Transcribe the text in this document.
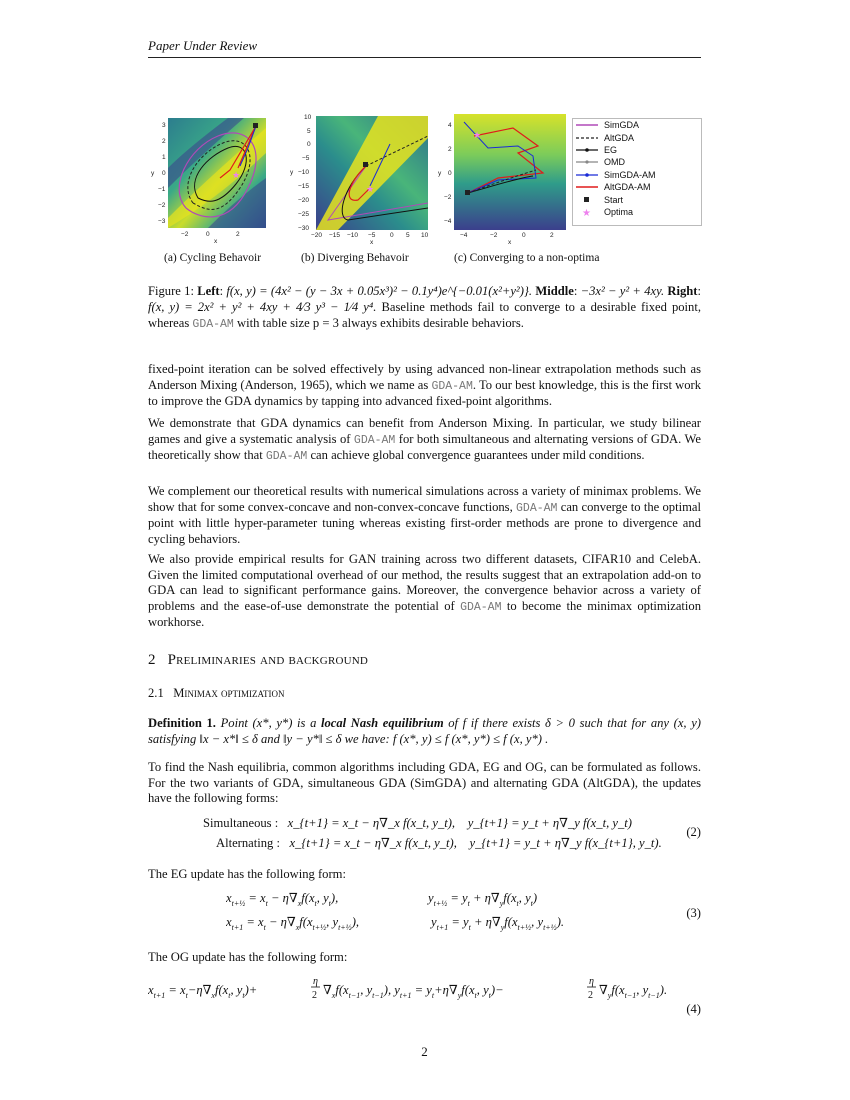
Paper Under Review
★
−2	0	2
3
2
1
0
−1
−2
−3
x
y
★
−20 −15 −10 −5 0 5 10
10
5
0
−5
−10
−15
−20
−25
−30
x
y
★
−4	−2	0	2
4
2
0
−2
−4
x
y
(a) Cycling Behavoir	(b) Diverging Behavoir	(c) Converging to a non-optima
Figure 1: Left: f(x, y) = (4x² − (y − 3x + 0.05x³)² − 0.1y⁴)e^{−0.01(x²+y²)}. Middle: −3x² − y² + 4xy. Right: f(x, y) = 2x² + y² + 4xy + 4⁄3 y³ − 1⁄4 y⁴. Baseline methods fail to converge to a desirable fixed point, whereas GDA-AM with table size p = 3 always exhibits desirable behaviors.

fixed-point iteration can be solved effectively by using advanced non-linear extrapolation methods such as Anderson Mixing (Anderson, 1965), which we name as GDA-AM. To our best knowledge, this is the first work to improve the GDA dynamics by tapping into advanced fixed-point algorithms.

We demonstrate that GDA dynamics can benefit from Anderson Mixing. In particular, we study bilinear games and give a systematic analysis of GDA-AM for both simultaneous and alternating versions of GDA. We theoretically show that GDA-AM can achieve global convergence guarantees under mild conditions.

We complement our theoretical results with numerical simulations across a variety of minimax problems. We show that for some convex-concave and non-convex-concave functions, GDA-AM can converge to the optimal point with little hyper-parameter tuning whereas existing first-order methods are prone to divergence and cycling behaviors.

We also provide empirical results for GAN training across two different datasets, CIFAR10 and CelebA. Given the limited computational overhead of our method, the results suggest that an extrapolation add-on to GDA can lead to significant performance gains. Moreover, the convergence behavior across a variety of problems and the ease-of-use demonstrate the potential of GDA-AM to become the minimax optimization workhorse.

2 Preliminaries and background
2.1 Minimax optimization

Definition 1. Point (x*, y*) is a local Nash equilibrium of f if there exists δ > 0 such that for any (x, y) satisfying ‖x − x*‖ ≤ δ and ‖y − y*‖ ≤ δ we have: f (x*, y) ≤ f (x*, y*) ≤ f (x, y*) .

To find the Nash equilibria, common algorithms including GDA, EG and OG, can be formulated as follows. For the two variants of GDA, simultaneous GDA (SimGDA) and alternating GDA (AltGDA), the updates have the following forms:

Simultaneous : x_{t+1} = x_t − η∇_x f(x_t, y_t), y_{t+1} = y_t + η∇_y f(x_t, y_t)
Alternating : x_{t+1} = x_t − η∇_x f(x_t, y_t), y_{t+1} = y_t + η∇_y f(x_{t+1}, y_t).
(2)

The EG update has the following form:

$x_{t+\frac{1}{2}} = x_t - \eta\nabla_xf(x_t$, $y_t$),	$y_{t+\frac{1}{2}} = y_t + \eta\nabla_yf(x_t$, $y_t$)
$x_{t+1} = x_t - \eta\nabla_xf(x_{t+\frac{1}{2}}$, $y_{t+\frac{1}{2}}$),	$y_{t+1} = y_t + \eta\nabla_yf(x_{t+\frac{1}{2}}$, $y_{t+\frac{1}{2}}$).
(3)

The OG update has the following form:

$x_{t+1} = x_t-\eta\nabla_xf(x_t$, $y_t)+$
η
2 $\nabla_xf(x_{t-1}$, $y_{t-1}$), $y_{t+1} = y_t+\eta\nabla_yf(x_t$, $y_t)-$
η
2 $\nabla_yf(x_{t-1}$, $y_{t-1}$).
(4)
2
SimGDA
AltGDA
EG
OMD
SimGDA-AM
AltGDA-AM
Start
★ Optima
